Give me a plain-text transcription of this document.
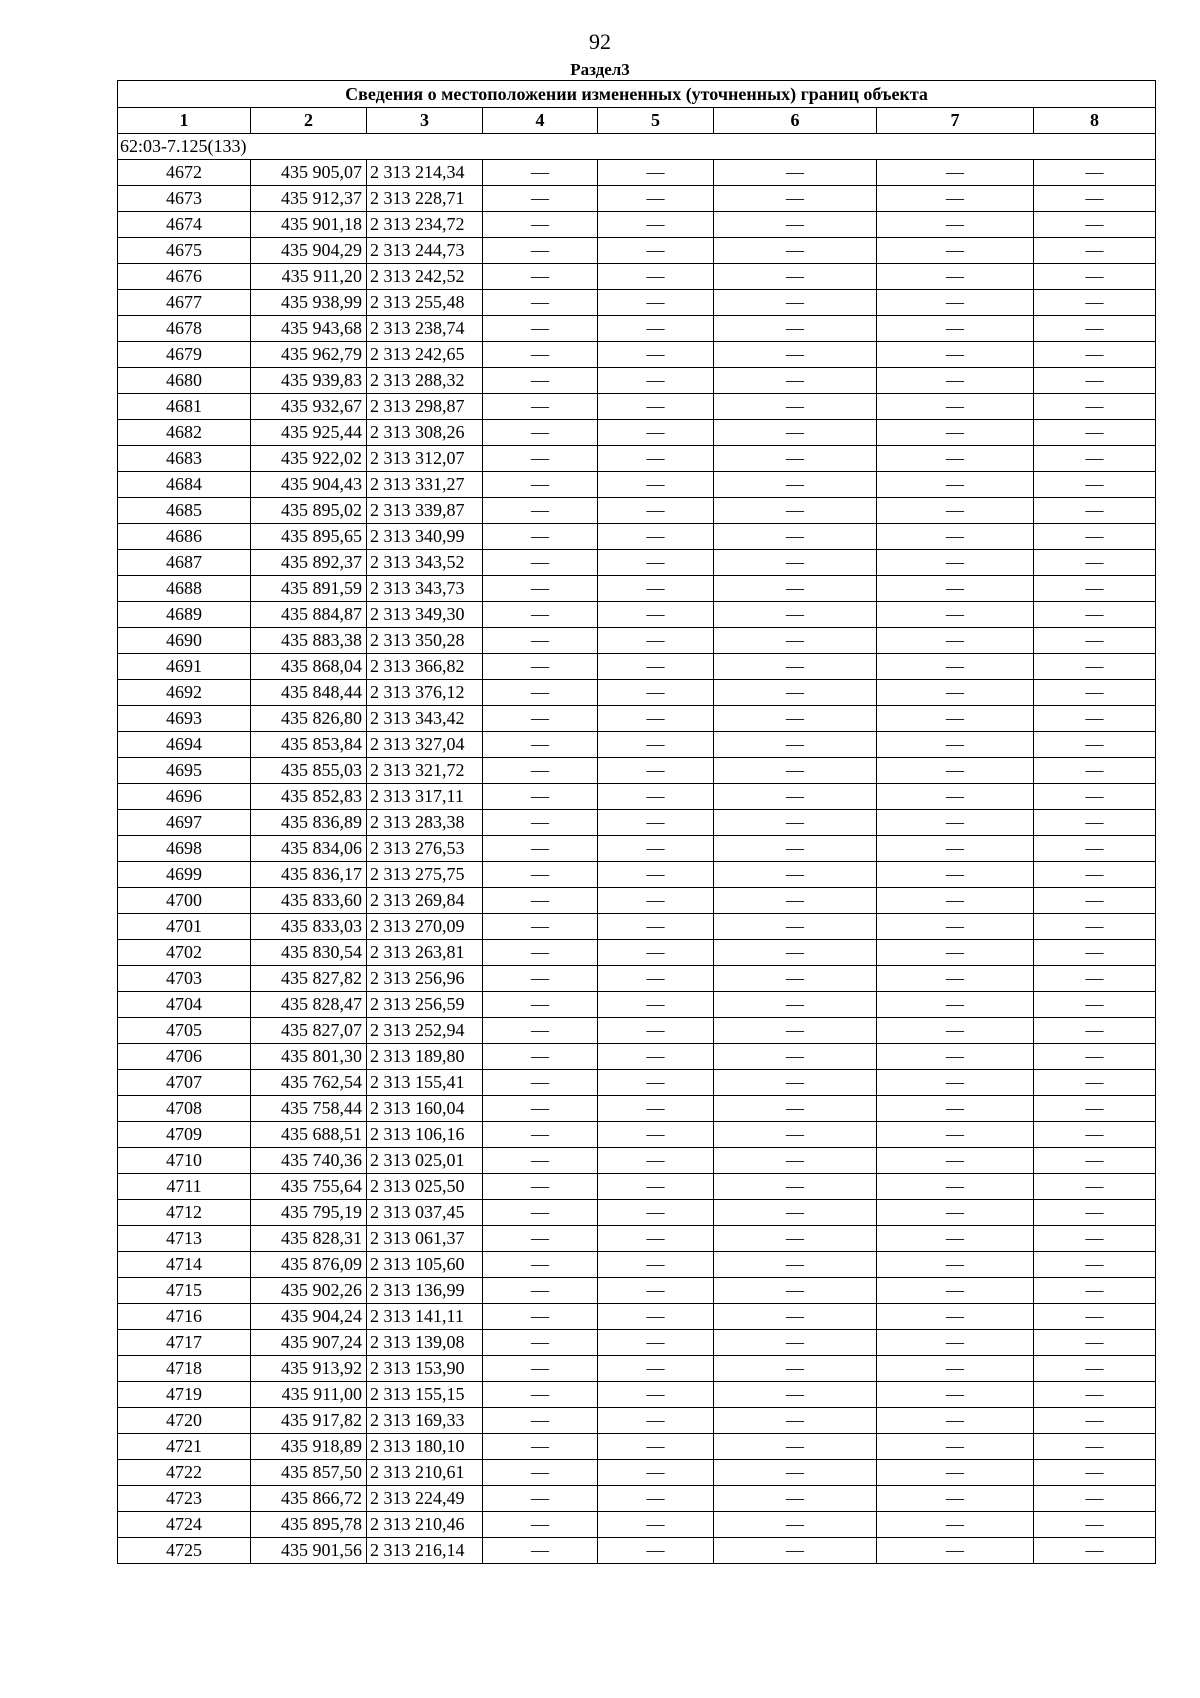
92
Раздел3
Сведения о местоположении измененных (уточненных) границ объекта							
1	2	3	4	5	6	7	8
62:03-7.125(133)							
4672	435 905,07	2 313 214,34	—	—	—	—	—
4673	435 912,37	2 313 228,71	—	—	—	—	—
4674	435 901,18	2 313 234,72	—	—	—	—	—
4675	435 904,29	2 313 244,73	—	—	—	—	—
4676	435 911,20	2 313 242,52	—	—	—	—	—
4677	435 938,99	2 313 255,48	—	—	—	—	—
4678	435 943,68	2 313 238,74	—	—	—	—	—
4679	435 962,79	2 313 242,65	—	—	—	—	—
4680	435 939,83	2 313 288,32	—	—	—	—	—
4681	435 932,67	2 313 298,87	—	—	—	—	—
4682	435 925,44	2 313 308,26	—	—	—	—	—
4683	435 922,02	2 313 312,07	—	—	—	—	—
4684	435 904,43	2 313 331,27	—	—	—	—	—
4685	435 895,02	2 313 339,87	—	—	—	—	—
4686	435 895,65	2 313 340,99	—	—	—	—	—
4687	435 892,37	2 313 343,52	—	—	—	—	—
4688	435 891,59	2 313 343,73	—	—	—	—	—
4689	435 884,87	2 313 349,30	—	—	—	—	—
4690	435 883,38	2 313 350,28	—	—	—	—	—
4691	435 868,04	2 313 366,82	—	—	—	—	—
4692	435 848,44	2 313 376,12	—	—	—	—	—
4693	435 826,80	2 313 343,42	—	—	—	—	—
4694	435 853,84	2 313 327,04	—	—	—	—	—
4695	435 855,03	2 313 321,72	—	—	—	—	—
4696	435 852,83	2 313 317,11	—	—	—	—	—
4697	435 836,89	2 313 283,38	—	—	—	—	—
4698	435 834,06	2 313 276,53	—	—	—	—	—
4699	435 836,17	2 313 275,75	—	—	—	—	—
4700	435 833,60	2 313 269,84	—	—	—	—	—
4701	435 833,03	2 313 270,09	—	—	—	—	—
4702	435 830,54	2 313 263,81	—	—	—	—	—
4703	435 827,82	2 313 256,96	—	—	—	—	—
4704	435 828,47	2 313 256,59	—	—	—	—	—
4705	435 827,07	2 313 252,94	—	—	—	—	—
4706	435 801,30	2 313 189,80	—	—	—	—	—
4707	435 762,54	2 313 155,41	—	—	—	—	—
4708	435 758,44	2 313 160,04	—	—	—	—	—
4709	435 688,51	2 313 106,16	—	—	—	—	—
4710	435 740,36	2 313 025,01	—	—	—	—	—
4711	435 755,64	2 313 025,50	—	—	—	—	—
4712	435 795,19	2 313 037,45	—	—	—	—	—
4713	435 828,31	2 313 061,37	—	—	—	—	—
4714	435 876,09	2 313 105,60	—	—	—	—	—
4715	435 902,26	2 313 136,99	—	—	—	—	—
4716	435 904,24	2 313 141,11	—	—	—	—	—
4717	435 907,24	2 313 139,08	—	—	—	—	—
4718	435 913,92	2 313 153,90	—	—	—	—	—
4719	435 911,00	2 313 155,15	—	—	—	—	—
4720	435 917,82	2 313 169,33	—	—	—	—	—
4721	435 918,89	2 313 180,10	—	—	—	—	—
4722	435 857,50	2 313 210,61	—	—	—	—	—
4723	435 866,72	2 313 224,49	—	—	—	—	—
4724	435 895,78	2 313 210,46	—	—	—	—	—
4725	435 901,56	2 313 216,14	—	—	—	—	—
